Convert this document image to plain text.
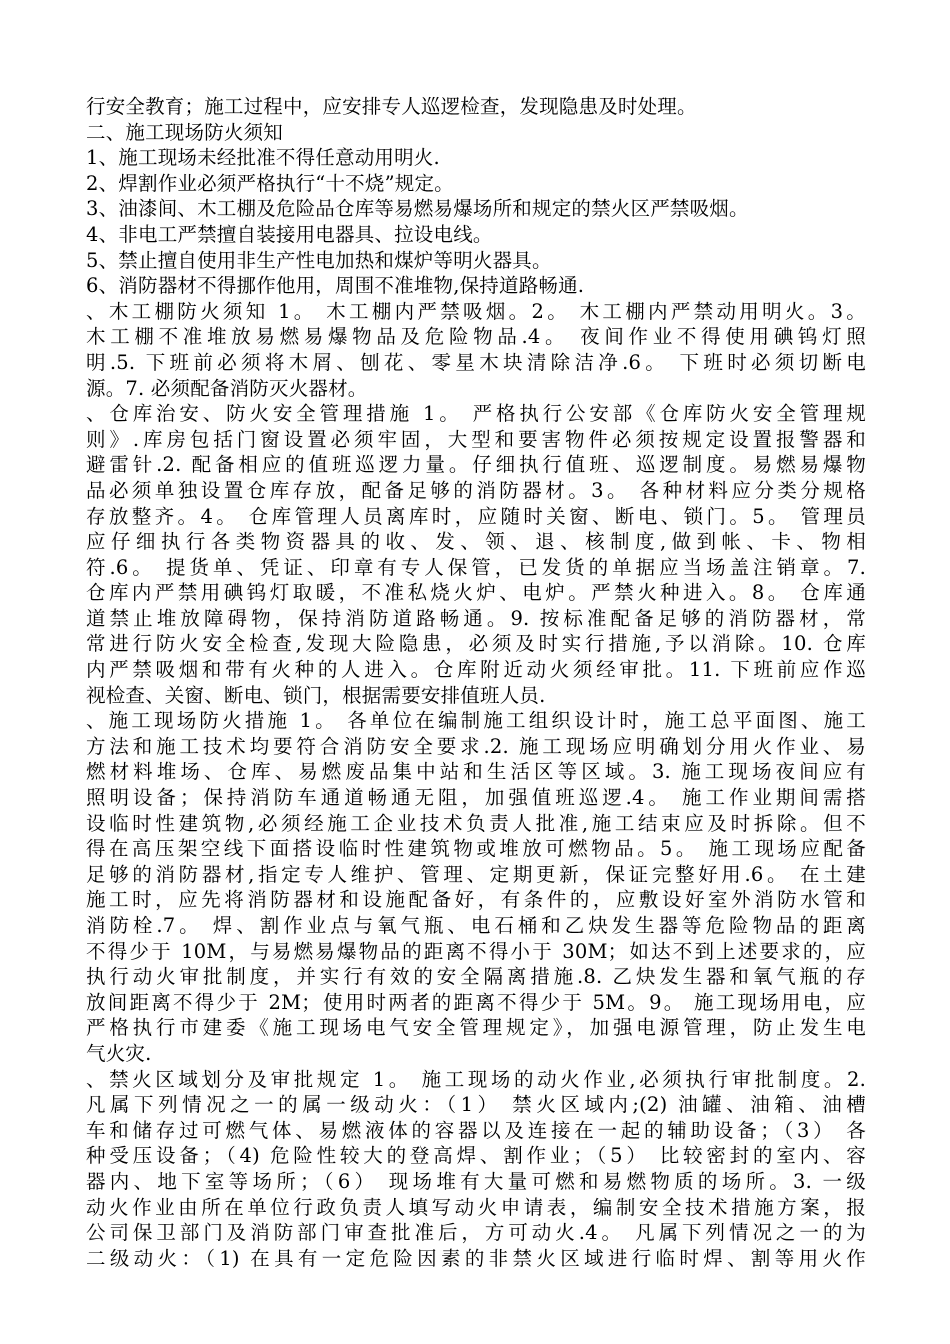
行安全教育；施工过程中，应安排专人巡逻检查，发现隐患及时处理。
二、施工现场防火须知
1、施工现场未经批准不得任意动用明火.
2、焊割作业必须严格执行“十不烧”规定。
3、油漆间、木工棚及危险品仓库等易燃易爆场所和规定的禁火区严禁吸烟。
4、非电工严禁擅自装接用电器具、拉设电线。
5、禁止擅自使用非生产性电加热和煤炉等明火器具。
6、消防器材不得挪作他用，周围不准堆物,保持道路畅通.
、木工棚防火须知 1。 木工棚内严禁吸烟。2。 木工棚内严禁动用明火。3。
木工棚不准堆放易燃易爆物品及危险物品.4。 夜间作业不得使用碘钨灯照
明.5. 下班前必须将木屑、刨花、零星木块清除洁净.6。 下班时必须切断电
源。7. 必须配备消防灭火器材。
、仓库治安、防火安全管理措施 1。 严格执行公安部《仓库防火安全管理规
则》.库房包括门窗设置必须牢固，大型和要害物件必须按规定设置报警器和
避雷针.2. 配备相应的值班巡逻力量。仔细执行值班、巡逻制度。易燃易爆物
品必须单独设置仓库存放，配备足够的消防器材。3。 各种材料应分类分规格
存放整齐。4。 仓库管理人员离库时，应随时关窗、断电、锁门。5。 管理员
应仔细执行各类物资器具的收、发、领、退、核制度,做到帐、卡、物相
符.6。 提货单、凭证、印章有专人保管，已发货的单据应当场盖注销章。7.
仓库内严禁用碘钨灯取暖，不准私烧火炉、电炉。严禁火种进入。8。 仓库通
道禁止堆放障碍物，保持消防道路畅通。9. 按标准配备足够的消防器材，常
常进行防火安全检查,发现大险隐患，必须及时实行措施,予以消除。10. 仓库
内严禁吸烟和带有火种的人进入。仓库附近动火须经审批。11. 下班前应作巡
视检查、关窗、断电、锁门，根据需要安排值班人员.
、施工现场防火措施 1。 各单位在编制施工组织设计时，施工总平面图、施工
方法和施工技术均要符合消防安全要求.2. 施工现场应明确划分用火作业、易
燃材料堆场、仓库、易燃废品集中站和生活区等区域。3. 施工现场夜间应有
照明设备；保持消防车通道畅通无阻，加强值班巡逻.4。 施工作业期间需搭
设临时性建筑物,必须经施工企业技术负责人批准,施工结束应及时拆除。但不
得在高压架空线下面搭设临时性建筑物或堆放可燃物品。5。 施工现场应配备
足够的消防器材,指定专人维护、管理、定期更新，保证完整好用.6。 在土建
施工时，应先将消防器材和设施配备好，有条件的，应敷设好室外消防水管和
消防栓.7。 焊、割作业点与氧气瓶、电石桶和乙炔发生器等危险物品的距离
不得少于 10M，与易燃易爆物品的距离不得小于 30M；如达不到上述要求的，应
执行动火审批制度，并实行有效的安全隔离措施.8. 乙炔发生器和氧气瓶的存
放间距离不得少于 2M；使用时两者的距离不得少于 5M。9。 施工现场用电，应
严格执行市建委《施工现场电气安全管理规定》，加强电源管理，防止发生电
气火灾.
、禁火区域划分及审批规定 1。 施工现场的动火作业,必须执行审批制度。2.
凡属下列情况之一的属一级动火：（1） 禁火区域内;(2) 油罐、油箱、油槽
车和储存过可燃气体、易燃液体的容器以及连接在一起的辅助设备；（3） 各
种受压设备；（4) 危险性较大的登高焊、割作业；（5） 比较密封的室内、容
器内、地下室等场所；（6） 现场堆有大量可燃和易燃物质的场所。3. 一级
动火作业由所在单位行政负责人填写动火申请表，编制安全技术措施方案，报
公司保卫部门及消防部门审查批准后，方可动火.4。 凡属下列情况之一的为
二级动火：（1) 在具有一定危险因素的非禁火区域进行临时焊、割等用火作
